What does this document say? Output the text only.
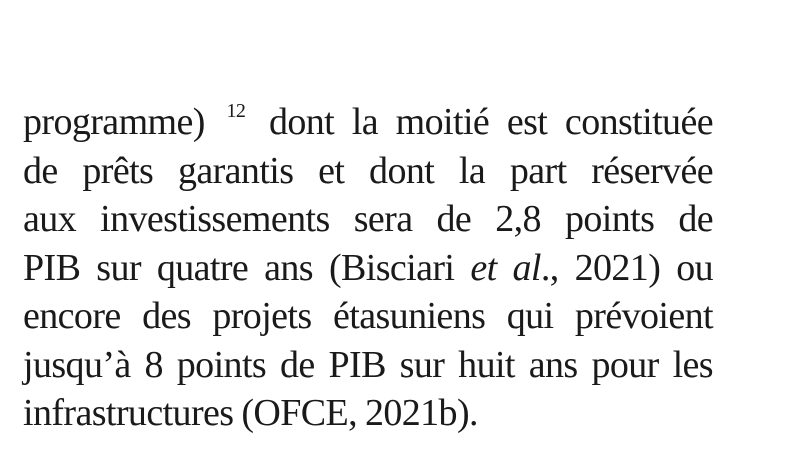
programme) $^{12}$ dont la moitié est constituée
de prêts garantis et dont la part réservée
aux investissements sera de 2,8 points de
PIB sur quatre ans (Bisciari et al., 2021) ou
encore des projets étasuniens qui prévoient
jusqu’à 8 points de PIB sur huit ans pour les
infrastructures (OFCE, 2021b).
